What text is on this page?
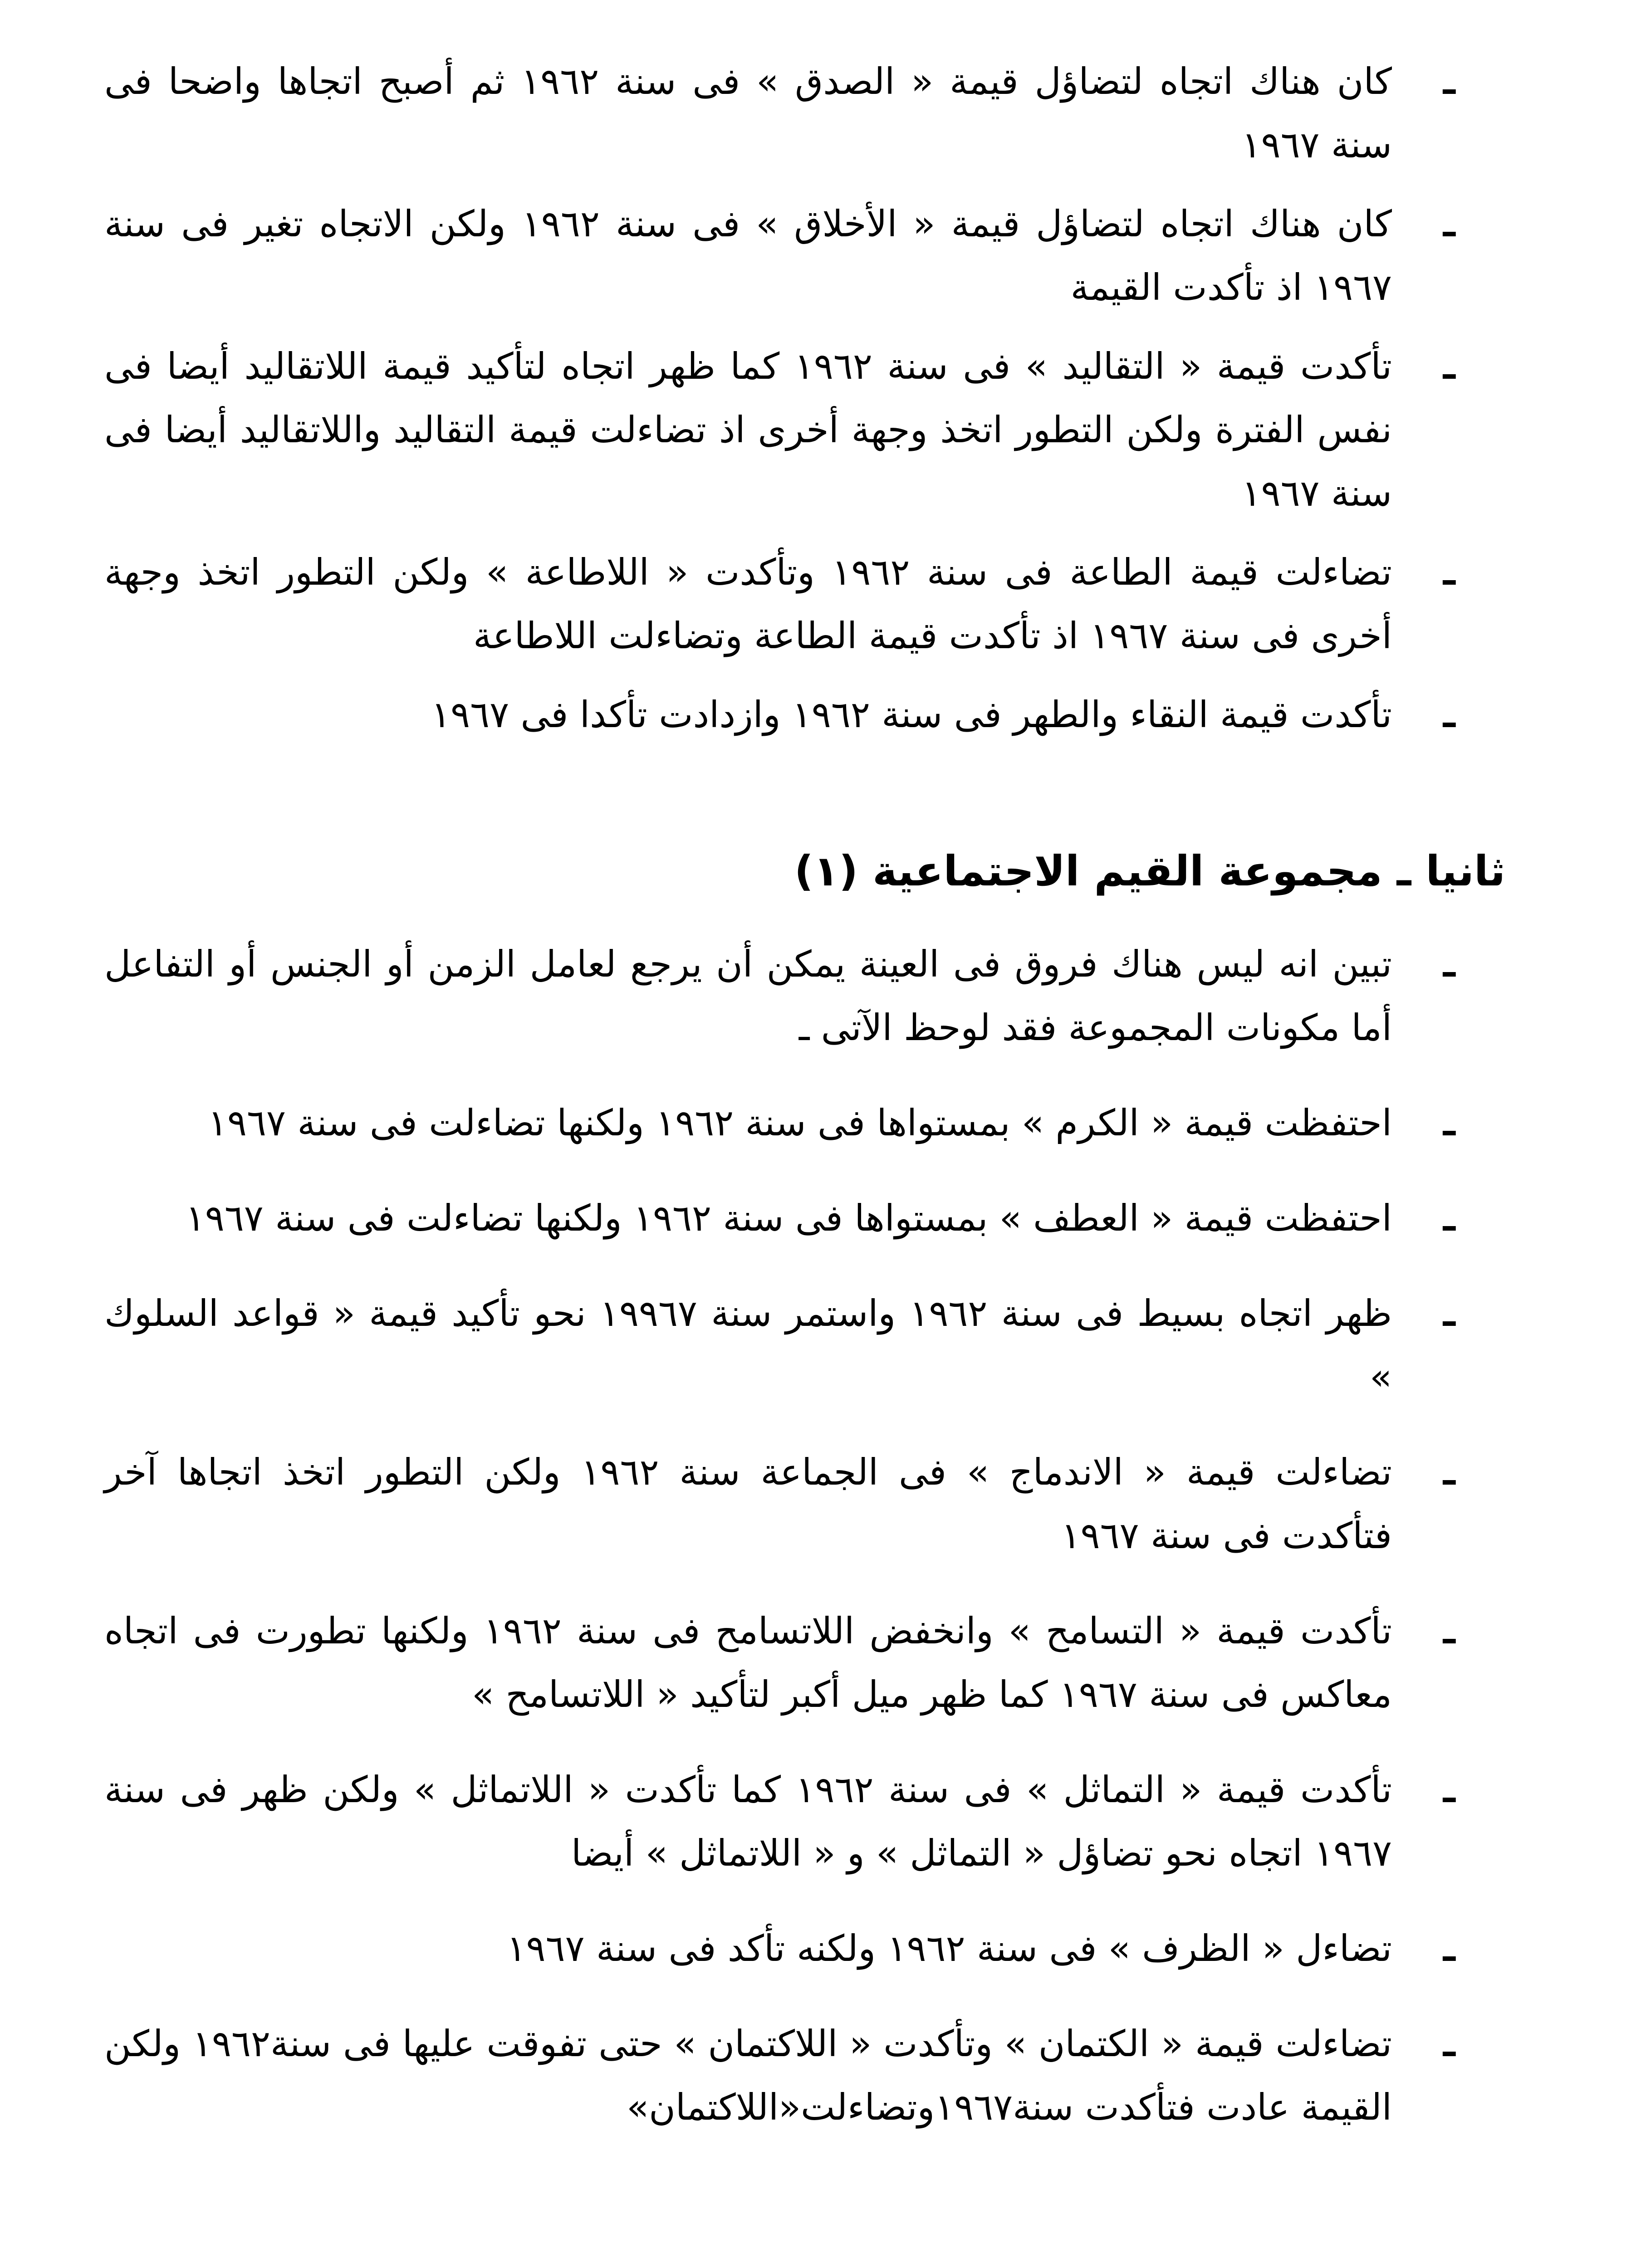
ـ
كان هناك اتجاه لتضاؤل قيمة « الصدق » فى سنة ١٩٦٢ ثم أصبح اتجاها واضحا فى سنة ١٩٦٧

ـ
كان هناك اتجاه لتضاؤل قيمة « الأخلاق » فى سنة ١٩٦٢ ولكن الاتجاه تغير فى سنة ١٩٦٧ اذ تأكدت القيمة

ـ
تأكدت قيمة « التقاليد » فى سنة ١٩٦٢ كما ظهر اتجاه لتأكيد قيمة اللاتقاليد أيضا فى نفس الفترة ولكن التطور اتخذ وجهة أخرى اذ تضاءلت قيمة التقاليد واللاتقاليد أيضا فى سنة ١٩٦٧

ـ
تضاءلت قيمة الطاعة فى سنة ١٩٦٢ وتأكدت « اللاطاعة » ولكن التطور اتخذ وجهة أخرى فى سنة ١٩٦٧ اذ تأكدت قيمة الطاعة وتضاءلت اللاطاعة

ـ
تأكدت قيمة النقاء والطهر فى سنة ١٩٦٢ وازدادت تأكدا فى ١٩٦٧

ثانيا ـ مجموعة القيم الاجتماعية (١)

ـ
تبين انه ليس هناك فروق فى العينة يمكن أن يرجع لعامل الزمن أو الجنس أو التفاعل أما مكونات المجموعة فقد لوحظ الآتى ـ

ـ
احتفظت قيمة « الكرم » بمستواها فى سنة ١٩٦٢ ولكنها تضاءلت فى سنة ١٩٦٧

ـ
احتفظت قيمة « العطف » بمستواها فى سنة ١٩٦٢ ولكنها تضاءلت فى سنة ١٩٦٧

ـ
ظهر اتجاه بسيط فى سنة ١٩٦٢ واستمر سنة ١٩٩٦٧ نحو تأكيد قيمة « قواعد السلوك »

ـ
تضاءلت قيمة « الاندماج » فى الجماعة سنة ١٩٦٢ ولكن التطور اتخذ اتجاها آخر فتأكدت فى سنة ١٩٦٧

ـ
تأكدت قيمة « التسامح » وانخفض اللاتسامح فى سنة ١٩٦٢ ولكنها تطورت فى اتجاه معاكس فى سنة ١٩٦٧ كما ظهر ميل أكبر لتأكيد « اللاتسامح »

ـ
تأكدت قيمة « التماثل » فى سنة ١٩٦٢ كما تأكدت « اللاتماثل » ولكن ظهر فى سنة ١٩٦٧ اتجاه نحو تضاؤل « التماثل » و « اللاتماثل » أيضا

ـ
تضاءل « الظرف » فى سنة ١٩٦٢ ولكنه تأكد فى سنة ١٩٦٧

ـ
تضاءلت قيمة « الكتمان » وتأكدت « اللاكتمان » حتى تفوقت عليها فى سنة١٩٦٢ ولكن القيمة عادت فتأكدت سنة١٩٦٧وتضاءلت«اللاكتمان»
